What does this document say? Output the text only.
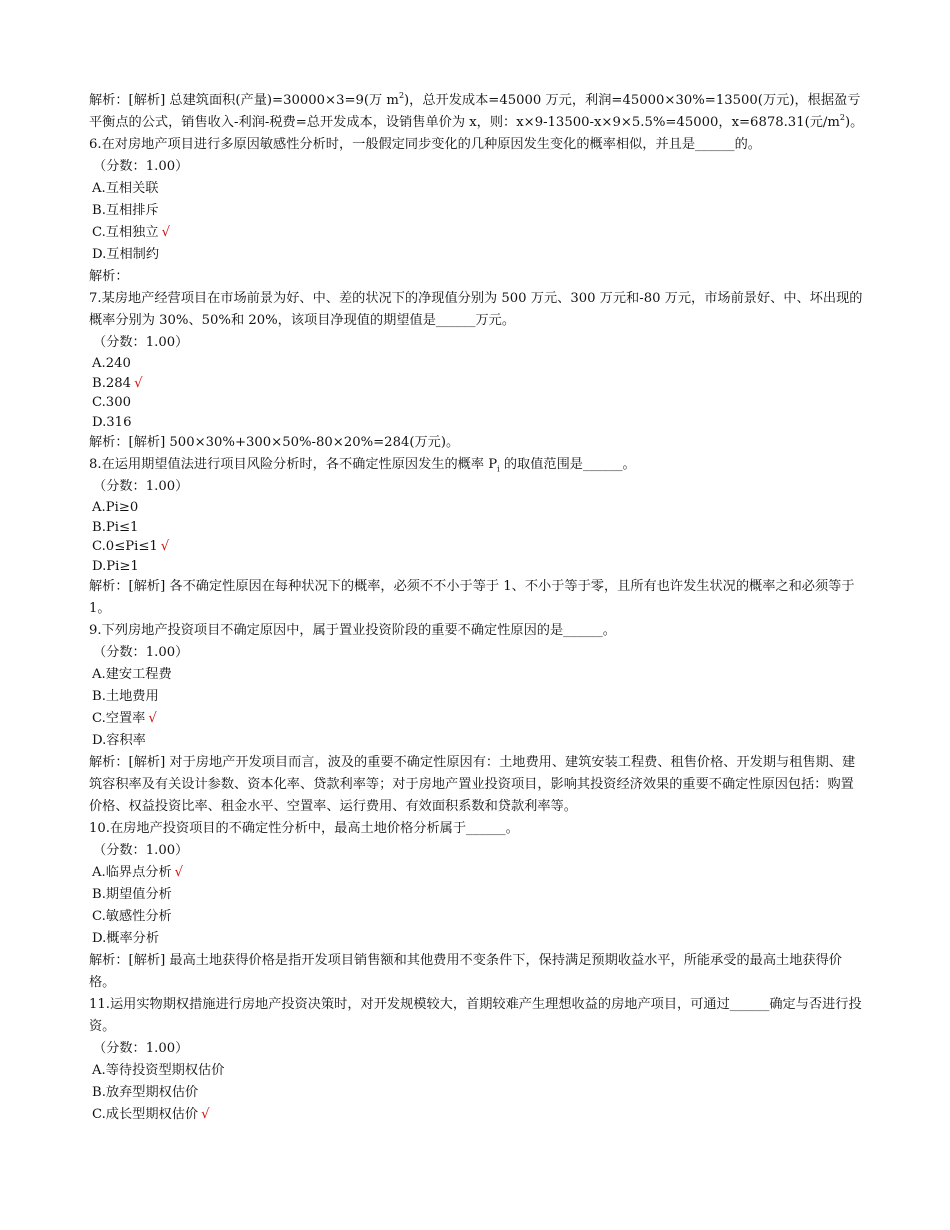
解析：[解析] 总建筑面积(产量)=30000×3=9(万 $m^2$)，总开发成本=45000 万元，利润=45000×30%=13500(万元)，根据盈亏平衡点的公式，销售收入-利润-税费=总开发成本，设销售单价为 x，则：x×9-13500-x×9×5.5%=45000，x=6878.31(元$/m^2$)。
6.在对房地产项目进行多原因敏感性分析时，一般假定同步变化的几种原因发生变化的概率相似，并且是______的。
（分数：1.00）
A.互相关联
B.互相排斥
C.互相独立 √
D.互相制约
解析：
7.某房地产经营项目在市场前景为好、中、差的状况下的净现值分别为 500 万元、300 万元和-80 万元，市场前景好、中、坏出现的概率分别为 30%、50%和 20%，该项目净现值的期望值是______万元。
（分数：1.00）
A.240
B.284 √
C.300
D.316
解析：[解析] 500×30%+300×50%-80×20%=284(万元)。
8.在运用期望值法进行项目风险分析时，各不确定性原因发生的概率 $P_i$ 的取值范围是______。
（分数：1.00）
A.Pi≥0
B.Pi≤1
C.0≤Pi≤1 √
D.Pi≥1
解析：[解析] 各不确定性原因在每种状况下的概率，必须不不小于等于 1、不小于等于零，且所有也许发生状况的概率之和必须等于 1。
9.下列房地产投资项目不确定原因中，属于置业投资阶段的重要不确定性原因的是______。
（分数：1.00）
A.建安工程费
B.土地费用
C.空置率 √
D.容积率
解析：[解析] 对于房地产开发项目而言，波及的重要不确定性原因有：土地费用、建筑安装工程费、租售价格、开发期与租售期、建筑容积率及有关设计参数、资本化率、贷款利率等；对于房地产置业投资项目，影响其投资经济效果的重要不确定性原因包括：购置价格、权益投资比率、租金水平、空置率、运行费用、有效面积系数和贷款利率等。
10.在房地产投资项目的不确定性分析中，最高土地价格分析属于______。
（分数：1.00）
A.临界点分析 √
B.期望值分析
C.敏感性分析
D.概率分析
解析：[解析] 最高土地获得价格是指开发项目销售额和其他费用不变条件下，保持满足预期收益水平，所能承受的最高土地获得价格。
11.运用实物期权措施进行房地产投资决策时，对开发规模较大，首期较难产生理想收益的房地产项目，可通过______确定与否进行投资。
（分数：1.00）
A.等待投资型期权估价
B.放弃型期权估价
C.成长型期权估价 √
